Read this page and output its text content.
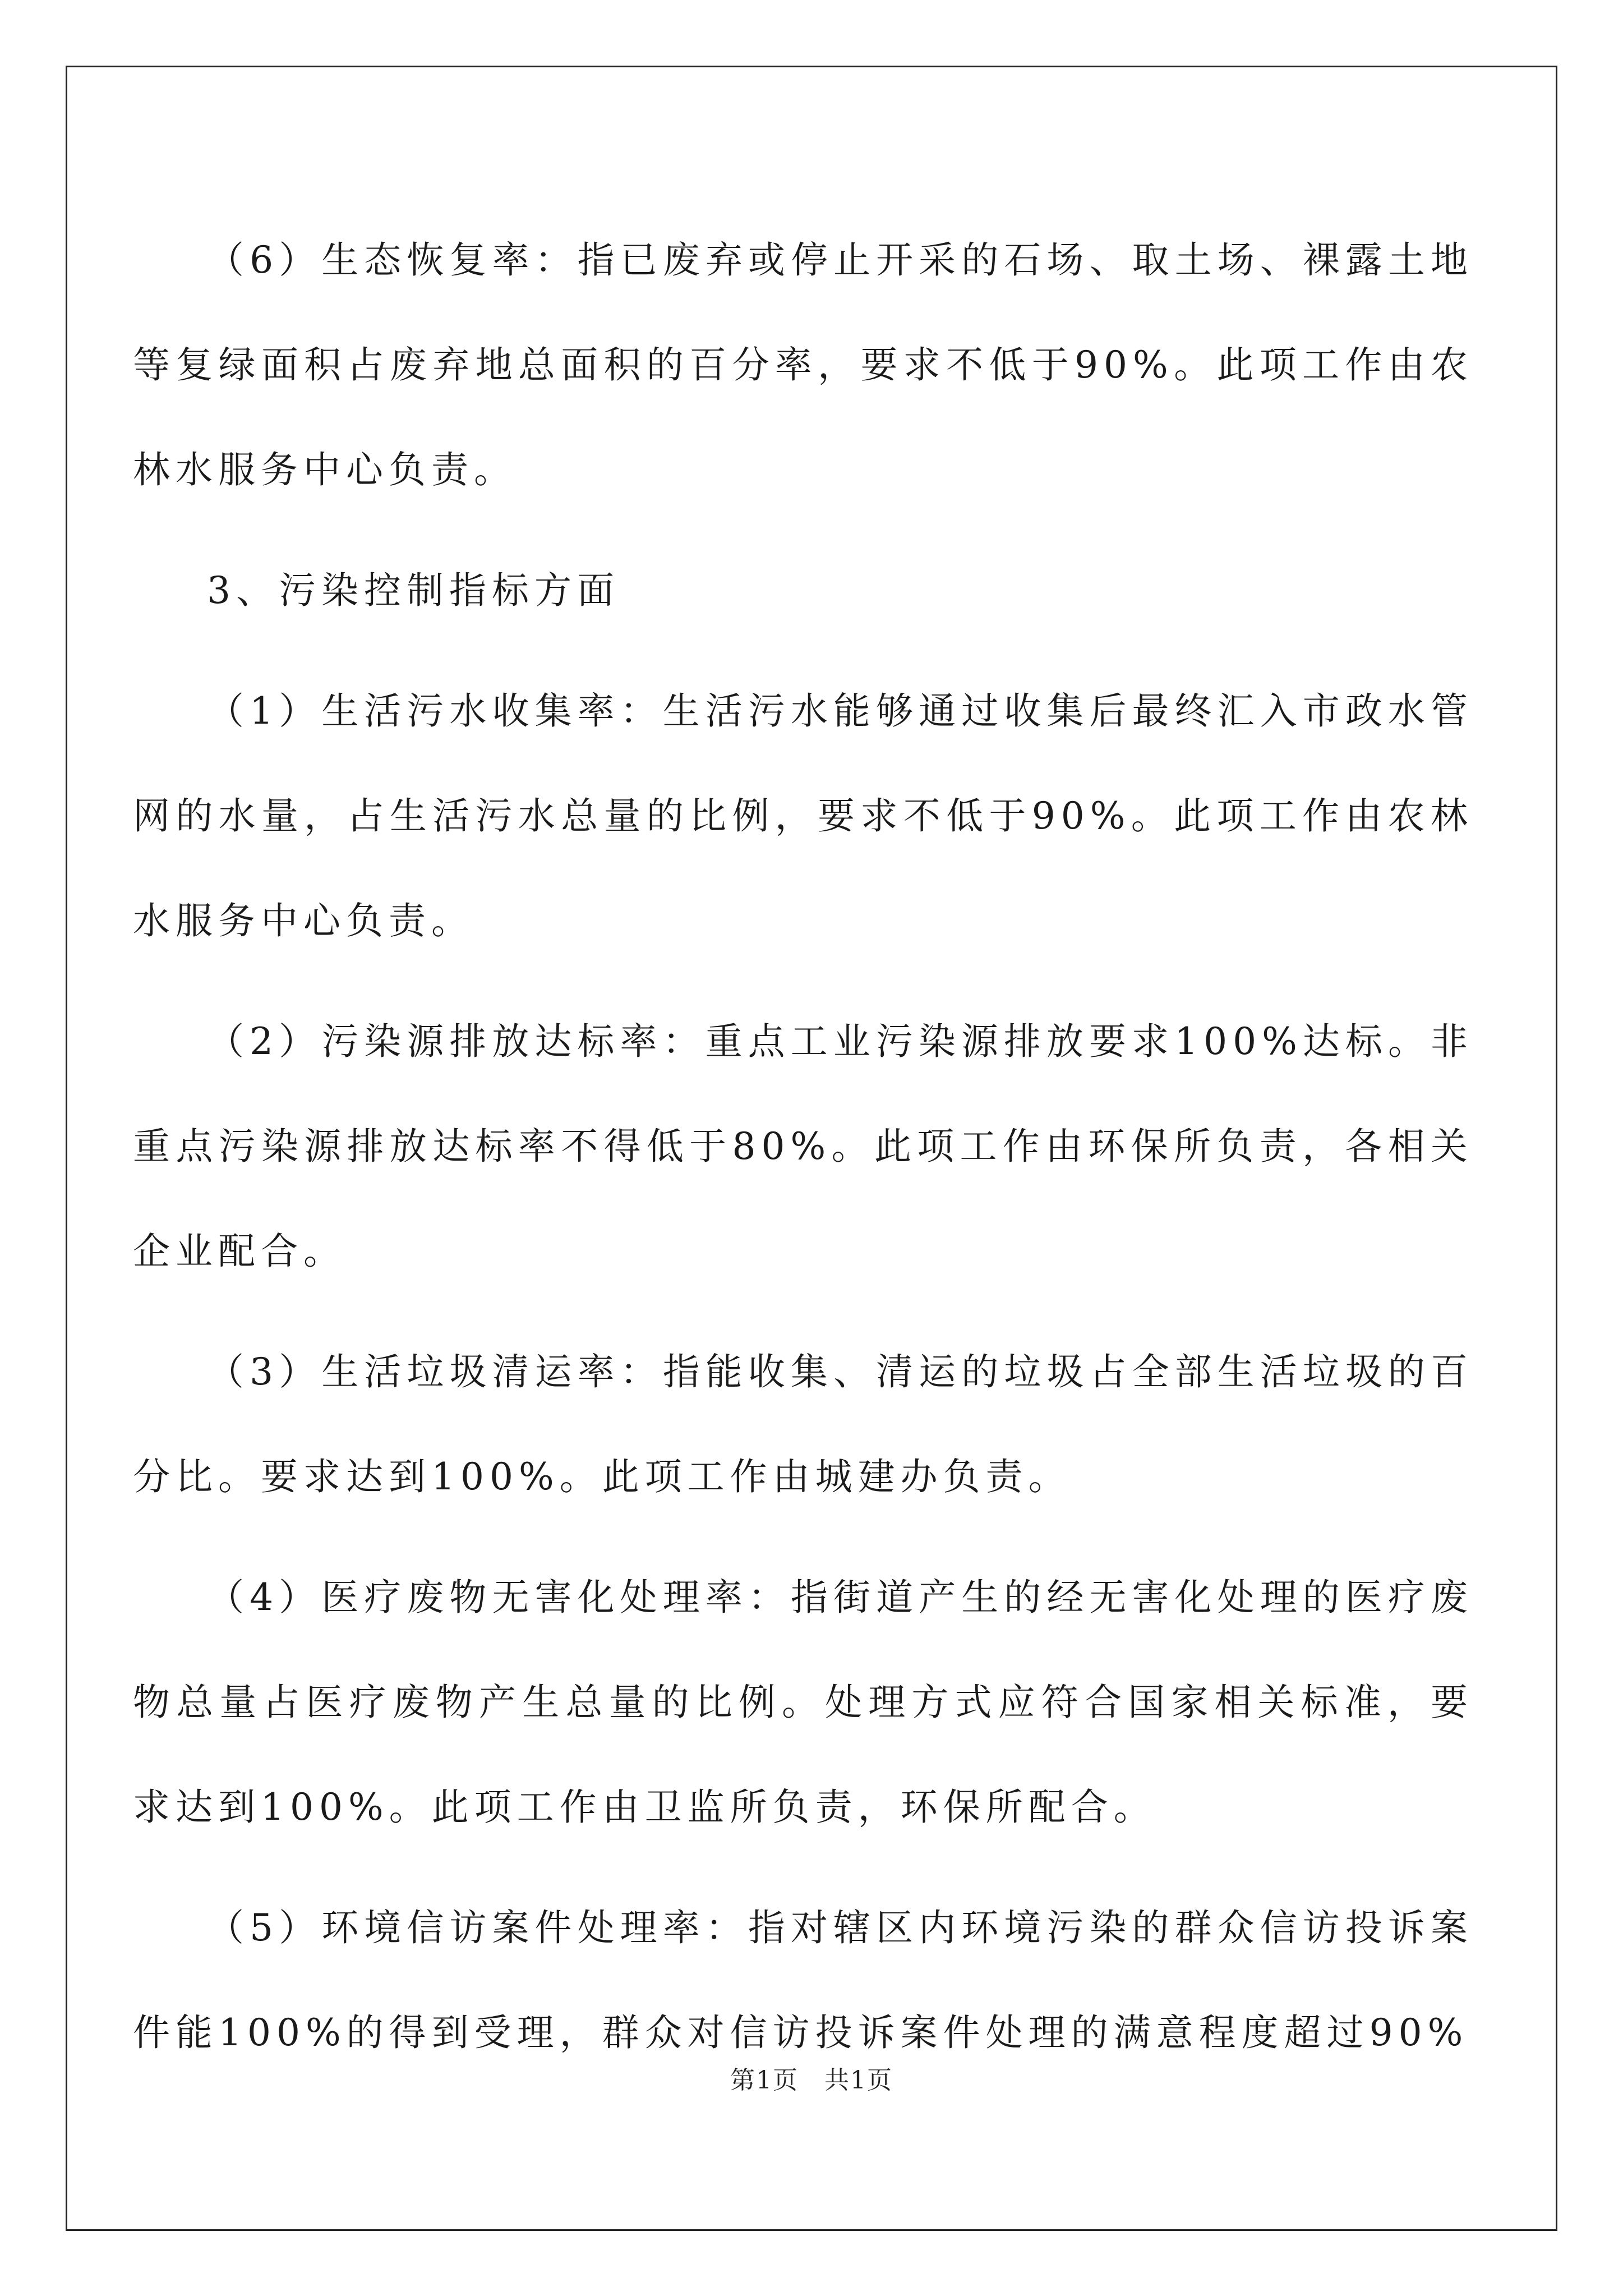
（6）生态恢复率：指已废弃或停止开采的石场、取土场、裸露土地等复绿面积占废弃地总面积的百分率，要求不低于90%。此项工作由农林水服务中心负责。

3、污染控制指标方面

（1）生活污水收集率：生活污水能够通过收集后最终汇入市政水管网的水量，占生活污水总量的比例，要求不低于90%。此项工作由农林水服务中心负责。

（2）污染源排放达标率：重点工业污染源排放要求100%达标。非重点污染源排放达标率不得低于80%。此项工作由环保所负责，各相关企业配合。

（3）生活垃圾清运率：指能收集、清运的垃圾占全部生活垃圾的百分比。要求达到100%。此项工作由城建办负责。

（4）医疗废物无害化处理率：指街道产生的经无害化处理的医疗废物总量占医疗废物产生总量的比例。处理方式应符合国家相关标准，要求达到100%。此项工作由卫监所负责，环保所配合。

（5）环境信访案件处理率：指对辖区内环境污染的群众信访投诉案件能100%的得到受理，群众对信访投诉案件处理的满意程度超过90%

第1页　共1页
